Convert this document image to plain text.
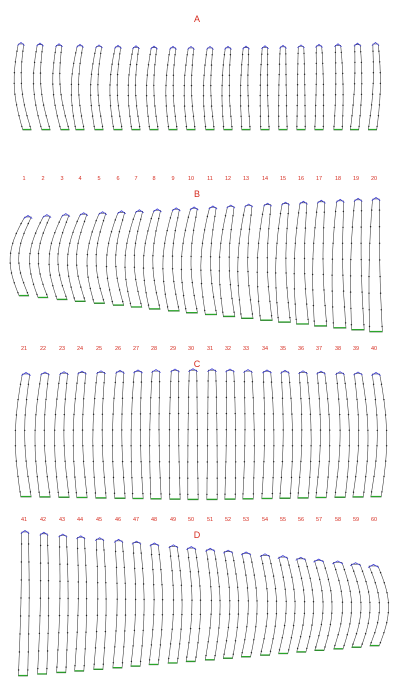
A
1	2	3	4	5	6	7	8	9 10 11 12 13 14 15 16 17 18 19 20
B
21 22 23 24 25 26 27 28 29 30 31 32 33 34 35 36 37 38 39 40
C
41 42 43 44 45 46 47 48 49 50 51 52 53 54 55 56 57 58 59 60
D
